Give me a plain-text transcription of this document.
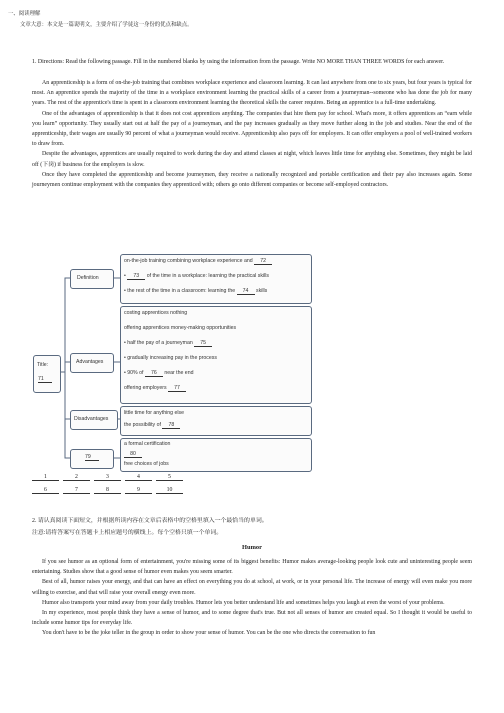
一、阅读理解
文章大意：本文是一篇说明文，主要介绍了学徒这一身份的优点和缺点。
1. Directions: Read the following passage. Fill in the numbered blanks by using the information from the passage. Write NO MORE THAN THREE WORDS for each answer.

An apprenticeship is a form of on-the-job training that combines workplace experience and classroom learning. It can last anywhere from one to six years, but four years is typical for most. An apprentice spends the majority of the time in a workplace environment learning the practical skills of a career from a journeyman--someone who has done the job for many years. The rest of the apprentice's time is spent in a classroom environment learning the theoretical skills the career requires. Being an apprentice is a full-time undertaking.

One of the advantages of apprenticeship is that it does not cost apprentices anything. The companies that hire them pay for school. What's more, it offers apprentices an “earn while you learn” opportunity. They usually start out at half the pay of a journeyman, and the pay increases gradually as they move further along in the job and studies. Near the end of the apprenticeship, their wages are usually 90 percent of what a journeyman would receive. Apprenticeship also pays off for employers. It can offer employers a pool of well-trained workers to draw from.

Despite the advantages, apprentices are usually required to work during the day and attend classes at night, which leaves little time for anything else. Sometimes, they might be laid off (下岗) if business for the employers is slow.

Once they have completed the apprenticeship and become journeymen, they receive a nationally recognized and portable certification and their pay also increases again. Some journeymen continue employment with the companies they apprenticed with; others go onto different companies or become self-employed contractors.

Title:
71
Definition
Advantages
Disadvantages
79
on-the-job training combining workplace experience and 72
• 73 of the time in a workplace: learning the practical skills
• the rest of the time in a classroom: learning the 74 skills
costing apprentices nothing
offering apprentices money-making opportunities
• half the pay of a journeyman 75
• gradually increasing pay in the process
• 90% of 76 near the end
offering employers 77
little time for anything else
the possibility of 78
a formal certification
80
free choices of jobs
1	2	3	4	5
6	7	8	9	10
2. 请认真阅读下面短文，并根据所读内容在文章后表格中的空格里填入一个最恰当的单词。
注意:请将答案写在答题卡上相应题号的横线上。每个空格只填一个单词。
Humor

If you see humor as an optional form of entertainment, you're missing some of its biggest benefits: Humor makes average-looking people look cute and uninteresting people seem entertaining. Studies show that a good sense of humor even makes you seem smarter.

Best of all, humor raises your energy, and that can have an effect on everything you do at school, at work, or in your personal life. The increase of energy will even make you more willing to exercise, and that will raise your overall energy even more.

Humor also transports your mind away from your daily troubles. Humor lets you better understand life and sometimes helps you laugh at even the worst of your problems.

In my experience, most people think they have a sense of humor, and to some degree that's true. But not all senses of humor are created equal. So I thought it would be useful to include some humor tips for everyday life.

You don't have to be the joke teller in the group in order to show your sense of humor. You can be the one who directs the conversation to fun
